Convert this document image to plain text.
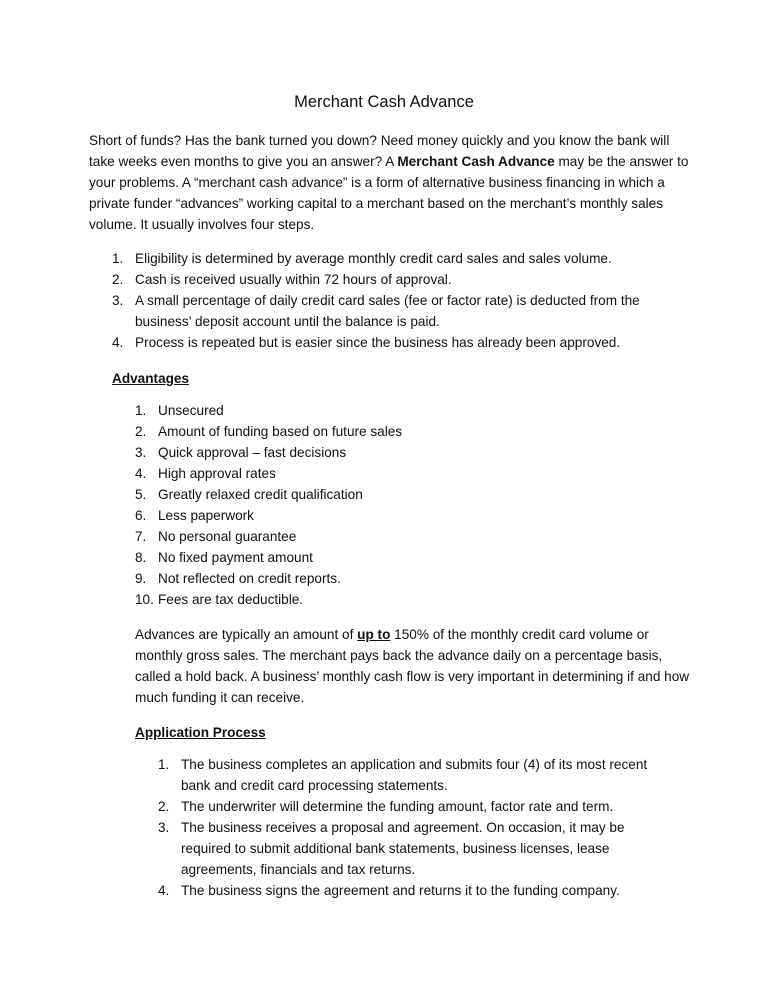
Merchant Cash Advance

Short of funds? Has the bank turned you down? Need money quickly and you know the bank will take weeks even months to give you an answer? A Merchant Cash Advance may be the answer to your problems. A “merchant cash advance” is a form of alternative business financing in which a private funder “advances” working capital to a merchant based on the merchant’s monthly sales volume. It usually involves four steps.

1. Eligibility is determined by average monthly credit card sales and sales volume.
2. Cash is received usually within 72 hours of approval.
3. A small percentage of daily credit card sales (fee or factor rate) is deducted from the business’ deposit account until the balance is paid.
4. Process is repeated but is easier since the business has already been approved.
Advantages
1. Unsecured
2. Amount of funding based on future sales
3. Quick approval – fast decisions
4. High approval rates
5. Greatly relaxed credit qualification
6. Less paperwork
7. No personal guarantee
8. No fixed payment amount
9. Not reflected on credit reports.
10. Fees are tax deductible.

Advances are typically an amount of up to 150% of the monthly credit card volume or monthly gross sales. The merchant pays back the advance daily on a percentage basis, called a hold back. A business’ monthly cash flow is very important in determining if and how much funding it can receive.

Application Process
1. The business completes an application and submits four (4) of its most recent bank and credit card processing statements.
2. The underwriter will determine the funding amount, factor rate and term.
3. The business receives a proposal and agreement. On occasion, it may be required to submit additional bank statements, business licenses, lease agreements, financials and tax returns.
4. The business signs the agreement and returns it to the funding company.
